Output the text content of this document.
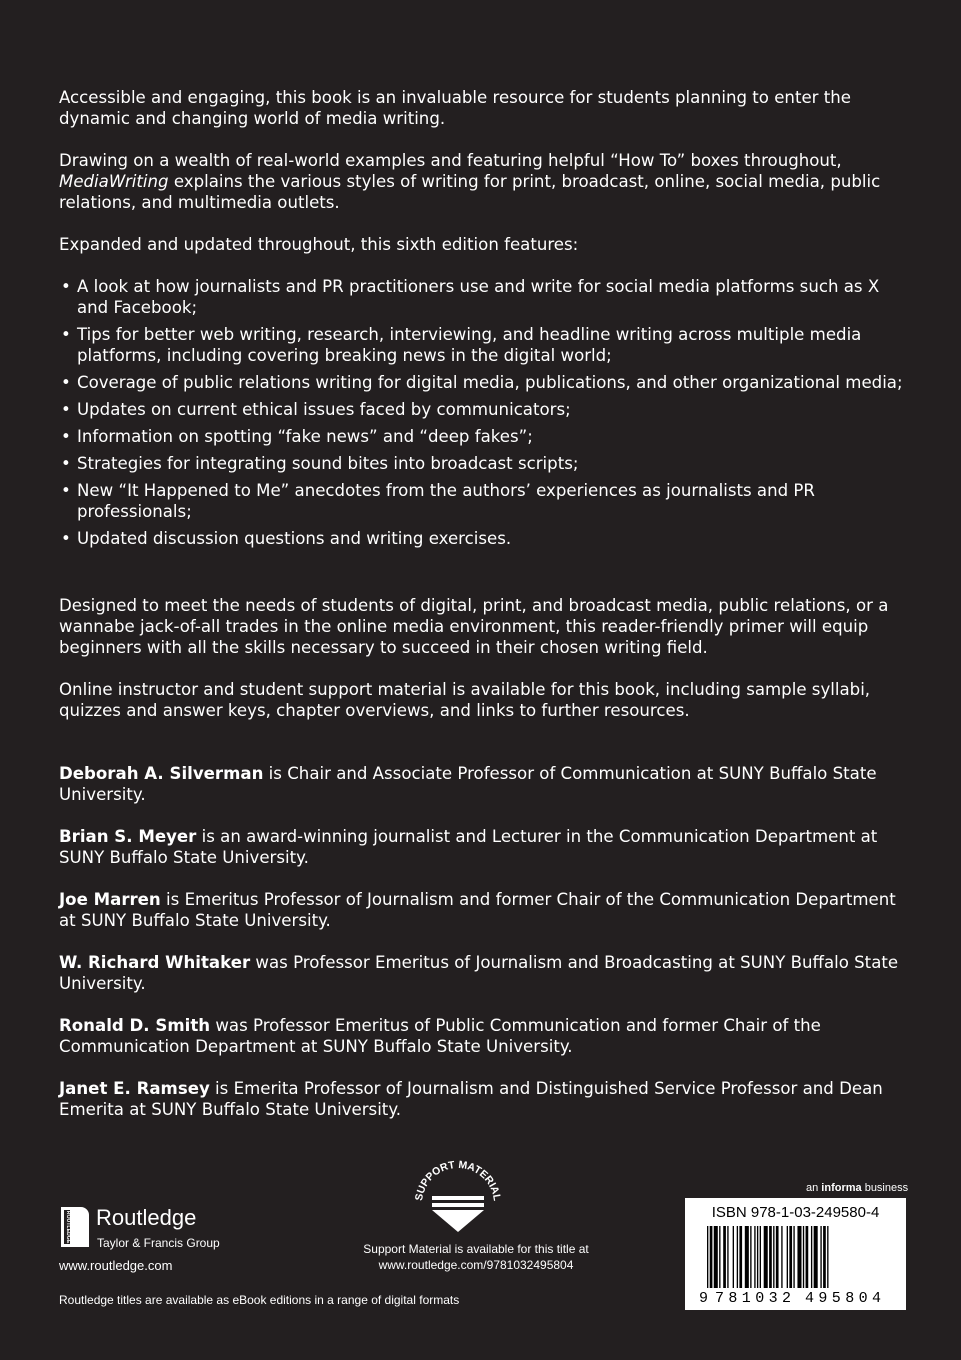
Accessible and engaging, this book is an invaluable resource for students planning to enter the dynamic and changing world of media writing.

Drawing on a wealth of real-world examples and featuring helpful “How To” boxes throughout, MediaWriting explains the various styles of writing for print, broadcast, online, social media, public relations, and multimedia outlets.

Expanded and updated throughout, this sixth edition features:

• A look at how journalists and PR practitioners use and write for social media platforms such as X and Facebook;
• Tips for better web writing, research, interviewing, and headline writing across multiple media platforms, including covering breaking news in the digital world;
• Coverage of public relations writing for digital media, publications, and other organizational media;
• Updates on current ethical issues faced by communicators;
• Information on spotting “fake news” and “deep fakes”;
• Strategies for integrating sound bites into broadcast scripts;
• New “It Happened to Me” anecdotes from the authors’ experiences as journalists and PR professionals;
• Updated discussion questions and writing exercises.

Designed to meet the needs of students of digital, print, and broadcast media, public relations, or a wannabe jack-of-all trades in the online media environment, this reader-friendly primer will equip beginners with all the skills necessary to succeed in their chosen writing field.

Online instructor and student support material is available for this book, including sample syllabi, quizzes and answer keys, chapter overviews, and links to further resources.

Deborah A. Silverman is Chair and Associate Professor of Communication at SUNY Buffalo State University.

Brian S. Meyer is an award-winning journalist and Lecturer in the Communication Department at SUNY Buffalo State University.

Joe Marren is Emeritus Professor of Journalism and former Chair of the Communication Department at SUNY Buffalo State University.

W. Richard Whitaker was Professor Emeritus of Journalism and Broadcasting at SUNY Buffalo State University.

Ronald D. Smith was Professor Emeritus of Public Communication and former Chair of the Communication Department at SUNY Buffalo State University.

Janet E. Ramsey is Emerita Professor of Journalism and Distinguished Service Professor and Dean Emerita at SUNY Buffalo State University.

ROUTLEDGE Routledge
Taylor & Francis Group
www.routledge.com
Routledge titles are available as eBook editions in a range of digital formats
SUPPORT MATERIAL
Support Material is available for this title at
www.routledge.com/9781032495804
an informa business
ISBN 978-1-03-249580-4
9 781032 495804
